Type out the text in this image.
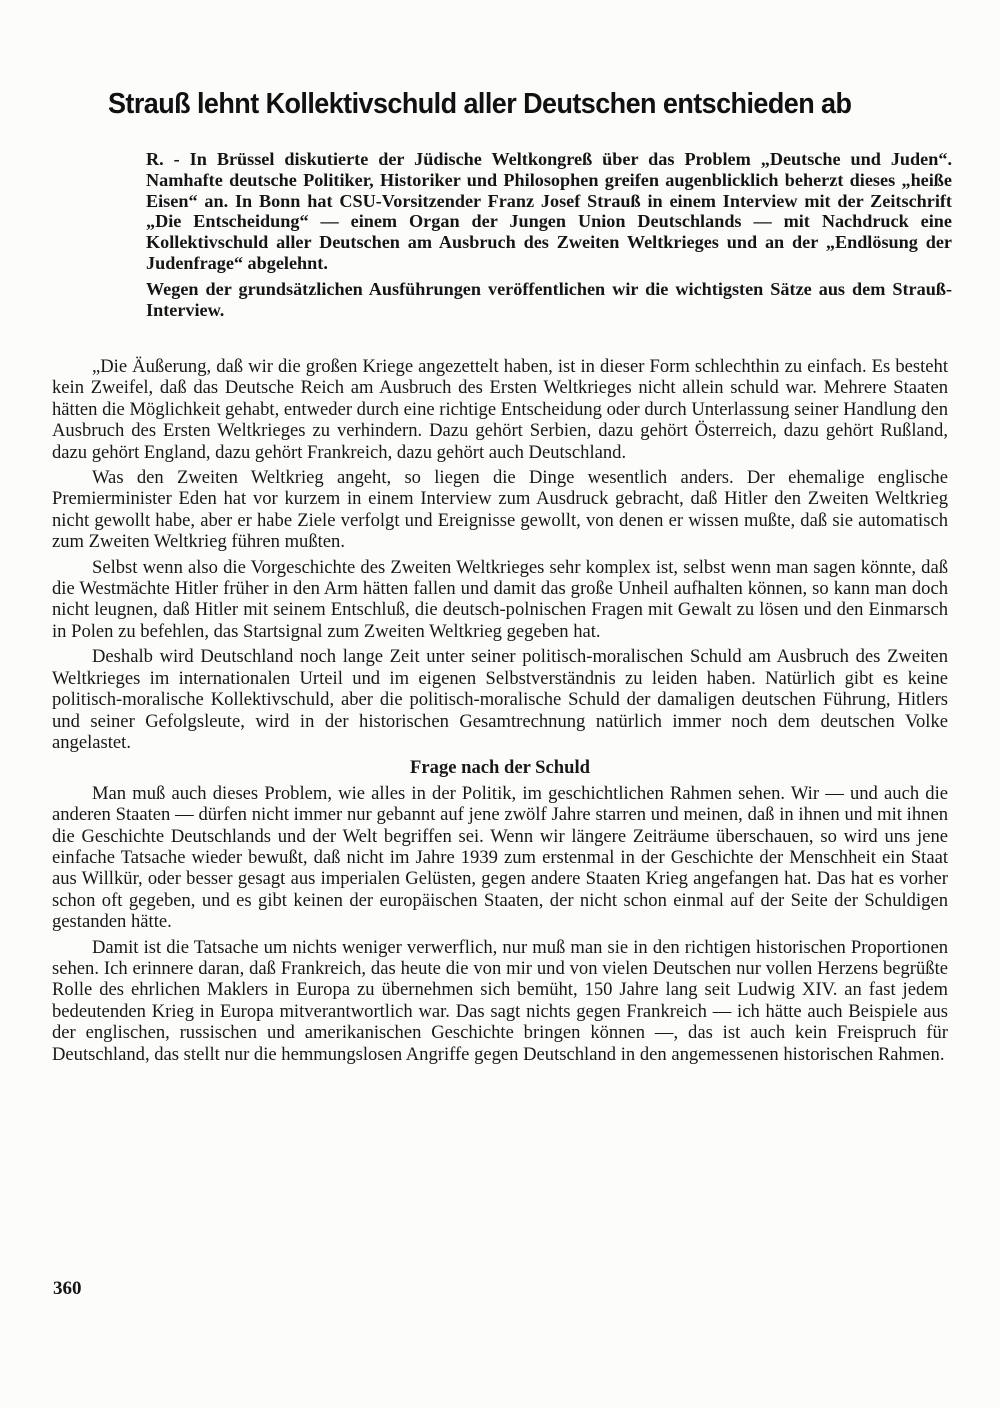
Strauß lehnt Kollektivschuld aller Deutschen entschieden ab

R. - In Brüssel diskutierte der Jüdische Weltkongreß über das Problem „Deutsche und Juden“. Namhafte deutsche Politiker, Historiker und Philosophen greifen augenblicklich beherzt dieses „heiße Eisen“ an. In Bonn hat CSU-Vorsitzender Franz Josef Strauß in einem Interview mit der Zeitschrift „Die Entscheidung“ — einem Organ der Jungen Union Deutschlands — mit Nachdruck eine Kollektivschuld aller Deutschen am Ausbruch des Zweiten Weltkrieges und an der „Endlösung der Judenfrage“ abgelehnt.

Wegen der grundsätzlichen Ausführungen veröffentlichen wir die wichtigsten Sätze aus dem Strauß-Interview.

„Die Äußerung, daß wir die großen Kriege angezettelt haben, ist in dieser Form schlechthin zu einfach. Es besteht kein Zweifel, daß das Deutsche Reich am Ausbruch des Ersten Weltkrieges nicht allein schuld war. Mehrere Staaten hätten die Möglichkeit gehabt, entweder durch eine richtige Entscheidung oder durch Unterlassung seiner Handlung den Ausbruch des Ersten Weltkrieges zu verhindern. Dazu gehört Serbien, dazu gehört Österreich, dazu gehört Rußland, dazu gehört England, dazu gehört Frankreich, dazu gehört auch Deutschland.

Was den Zweiten Weltkrieg angeht, so liegen die Dinge wesentlich anders. Der ehemalige englische Premierminister Eden hat vor kurzem in einem Interview zum Ausdruck gebracht, daß Hitler den Zweiten Weltkrieg nicht gewollt habe, aber er habe Ziele verfolgt und Ereignisse gewollt, von denen er wissen mußte, daß sie automatisch zum Zweiten Weltkrieg führen mußten.

Selbst wenn also die Vorgeschichte des Zweiten Weltkrieges sehr komplex ist, selbst wenn man sagen könnte, daß die Westmächte Hitler früher in den Arm hätten fallen und damit das große Unheil aufhalten können, so kann man doch nicht leugnen, daß Hitler mit seinem Entschluß, die deutsch-polnischen Fragen mit Gewalt zu lösen und den Einmarsch in Polen zu befehlen, das Startsignal zum Zweiten Weltkrieg gegeben hat.

Deshalb wird Deutschland noch lange Zeit unter seiner politisch-moralischen Schuld am Ausbruch des Zweiten Weltkrieges im internationalen Urteil und im eigenen Selbstverständnis zu leiden haben. Natürlich gibt es keine politisch-moralische Kollektivschuld, aber die politisch-moralische Schuld der damaligen deutschen Führung, Hitlers und seiner Gefolgsleute, wird in der historischen Gesamtrechnung natürlich immer noch dem deutschen Volke angelastet.

Frage nach der Schuld

Man muß auch dieses Problem, wie alles in der Politik, im geschichtlichen Rahmen sehen. Wir — und auch die anderen Staaten — dürfen nicht immer nur gebannt auf jene zwölf Jahre starren und meinen, daß in ihnen und mit ihnen die Geschichte Deutschlands und der Welt begriffen sei. Wenn wir längere Zeiträume überschauen, so wird uns jene einfache Tatsache wieder bewußt, daß nicht im Jahre 1939 zum erstenmal in der Geschichte der Menschheit ein Staat aus Willkür, oder besser gesagt aus imperialen Gelüsten, gegen andere Staaten Krieg angefangen hat. Das hat es vorher schon oft gegeben, und es gibt keinen der europäischen Staaten, der nicht schon einmal auf der Seite der Schuldigen gestanden hätte.

Damit ist die Tatsache um nichts weniger verwerflich, nur muß man sie in den richtigen historischen Proportionen sehen. Ich erinnere daran, daß Frankreich, das heute die von mir und von vielen Deutschen nur vollen Herzens begrüßte Rolle des ehrlichen Maklers in Europa zu übernehmen sich bemüht, 150 Jahre lang seit Ludwig XIV. an fast jedem bedeutenden Krieg in Europa mitverantwortlich war. Das sagt nichts gegen Frankreich — ich hätte auch Beispiele aus der englischen, russischen und amerikanischen Geschichte bringen können —, das ist auch kein Freispruch für Deutschland, das stellt nur die hemmungslosen Angriffe gegen Deutschland in den angemessenen historischen Rahmen.

360
